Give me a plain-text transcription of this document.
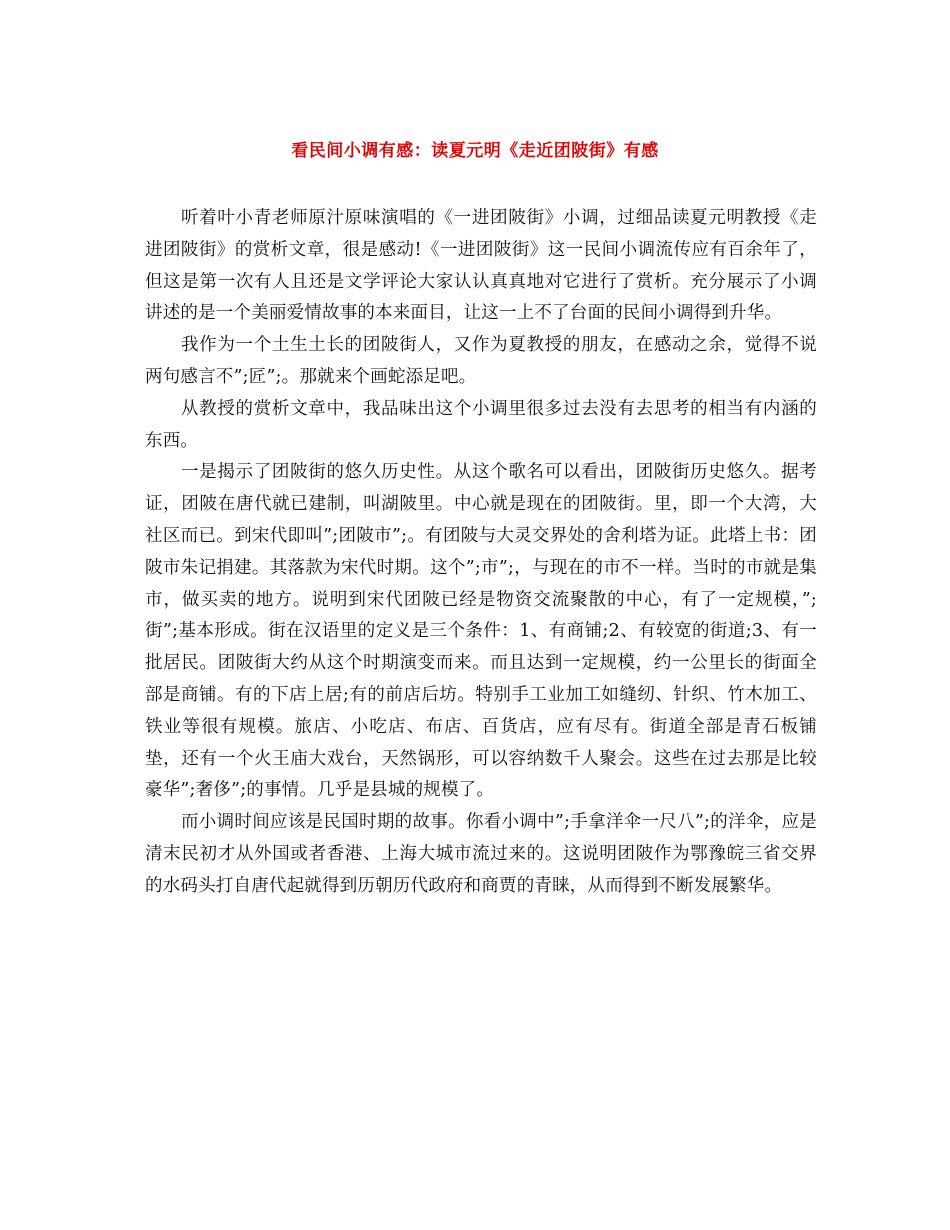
看民间小调有感：读夏元明《走近团陂街》有感

听着叶小青老师原汁原味演唱的《一进团陂街》小调，过细品读夏元明教授《走进团陂街》的赏析文章，很是感动!《一进团陂街》这一民间小调流传应有百余年了，但这是第一次有人且还是文学评论大家认认真真地对它进行了赏析。充分展示了小调讲述的是一个美丽爱情故事的本来面目，让这一上不了台面的民间小调得到升华。

我作为一个土生土长的团陂街人，又作为夏教授的朋友，在感动之余，觉得不说两句感言不”;匠”;。那就来个画蛇添足吧。

从教授的赏析文章中，我品味出这个小调里很多过去没有去思考的相当有内涵的东西。

一是揭示了团陂街的悠久历史性。从这个歌名可以看出，团陂街历史悠久。据考证，团陂在唐代就已建制，叫湖陂里。中心就是现在的团陂街。里，即一个大湾，大社区而已。到宋代即叫”;团陂市”;。有团陂与大灵交界处的舍利塔为证。此塔上书：团陂市朱记捐建。其落款为宋代时期。这个”;市”;，与现在的市不一样。当时的市就是集市，做买卖的地方。说明到宋代团陂已经是物资交流聚散的中心，有了一定规模，”;街”;基本形成。街在汉语里的定义是三个条件：1、有商铺;2、有较宽的街道;3、有一批居民。团陂街大约从这个时期演变而来。而且达到一定规模，约一公里长的街面全部是商铺。有的下店上居;有的前店后坊。特别手工业加工如缝纫、针织、竹木加工、铁业等很有规模。旅店、小吃店、布店、百货店，应有尽有。街道全部是青石板铺垫，还有一个火王庙大戏台，天然锅形，可以容纳数千人聚会。这些在过去那是比较豪华”;奢侈”;的事情。几乎是县城的规模了。

而小调时间应该是民国时期的故事。你看小调中”;手拿洋伞一尺八”;的洋伞，应是清末民初才从外国或者香港、上海大城市流过来的。这说明团陂作为鄂豫皖三省交界的水码头打自唐代起就得到历朝历代政府和商贾的青睐，从而得到不断发展繁华。
